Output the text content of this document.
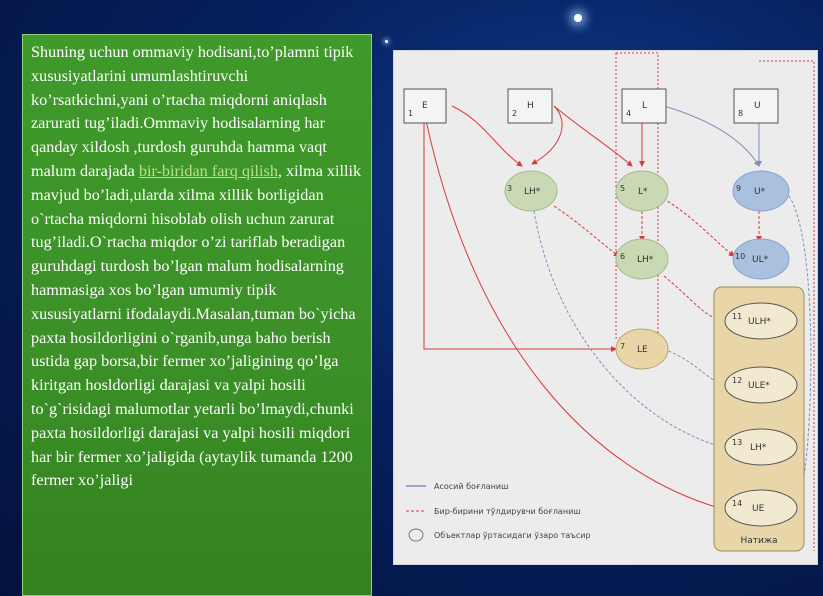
Shuning uchun ommaviy hodisani,to’plamni tipik xususiyatlarini umumlashtiruvchi ko’rsatkichni,yani o’rtacha miqdorni aniqlash zarurati tug’iladi.Ommaviy hodisalarning har qanday xildosh ,turdosh guruhda hamma vaqt malum darajada bir-biridan farq qilish, xilma xillik mavjud bo’ladi,ularda xilma xillik borligidan o`rtacha miqdorni hisoblab olish uchun zarurat tug’iladi.O`rtacha miqdor o’zi tariflab beradigan guruhdagi turdosh bo’lgan malum hodisalarning hammasiga xos bo’lgan umumiy tipik xususiyatlarni ifodalaydi.Masalan,tuman bo`yicha paxta hosildorligini o`rganib,unga baho berish ustida gap borsa,bir fermer xo’jaligining qo’lga kiritgan hosldorligi darajasi va yalpi hosili to`g`risidagi malumotlar yetarli bo’lmaydi,chunki paxta hosildorligi darajasi va yalpi hosili miqdori har bir fermer xo’jaligida (aytaylik tumanda 1200 fermer xo’jaligi

Натижа
1
E
2
H
4
L
8
U
3 LH*	5 L*	9 U*
6 LH*	10 UL*
7 LE
11
ULH*
12
ULE*
13
LH*
14
UE
Асосий боғланиш
Бир-бирини тўлдирувчи боғланиш
Объектлар ўртасидаги ўзаро таъсир
